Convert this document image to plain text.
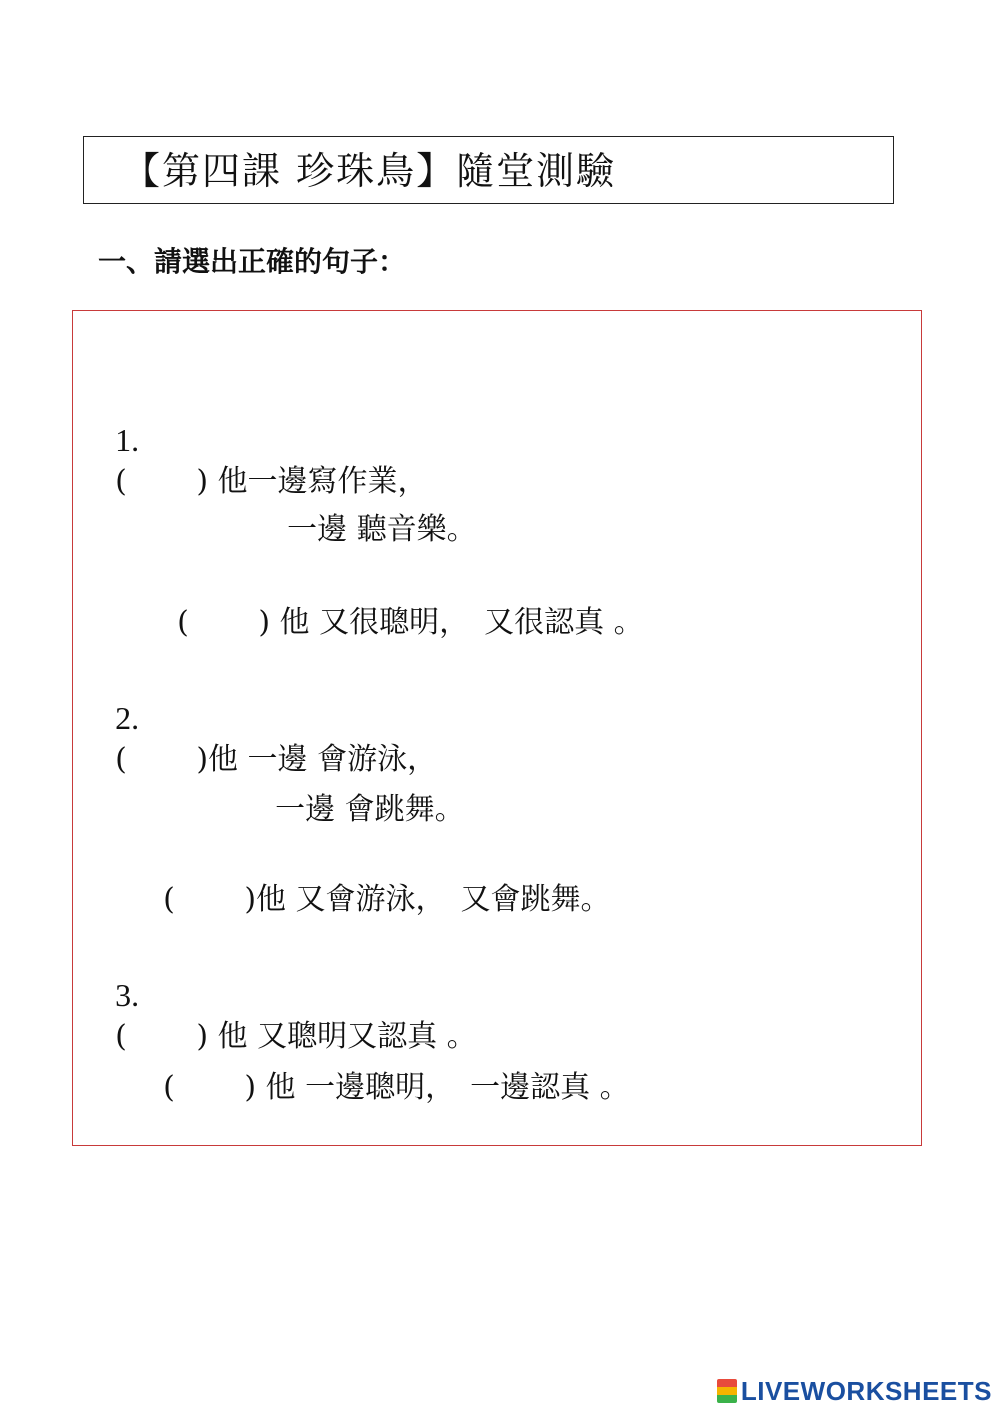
【第四課 珍珠鳥】隨堂測驗
一、請選出正確的句子：

1.
(　　 ) 他一邊寫作業，

一邊 聽音樂。

(　　 ) 他 又很聰明，　又很認真 。

2.
(　　 )他 一邊 會游泳，

一邊 會跳舞。

(　　 )他 又會游泳，　又會跳舞。

3.
(　　 ) 他 又聰明又認真 。

(　　 ) 他 一邊聰明，　一邊認真 。

LIVEWORKSHEETS
